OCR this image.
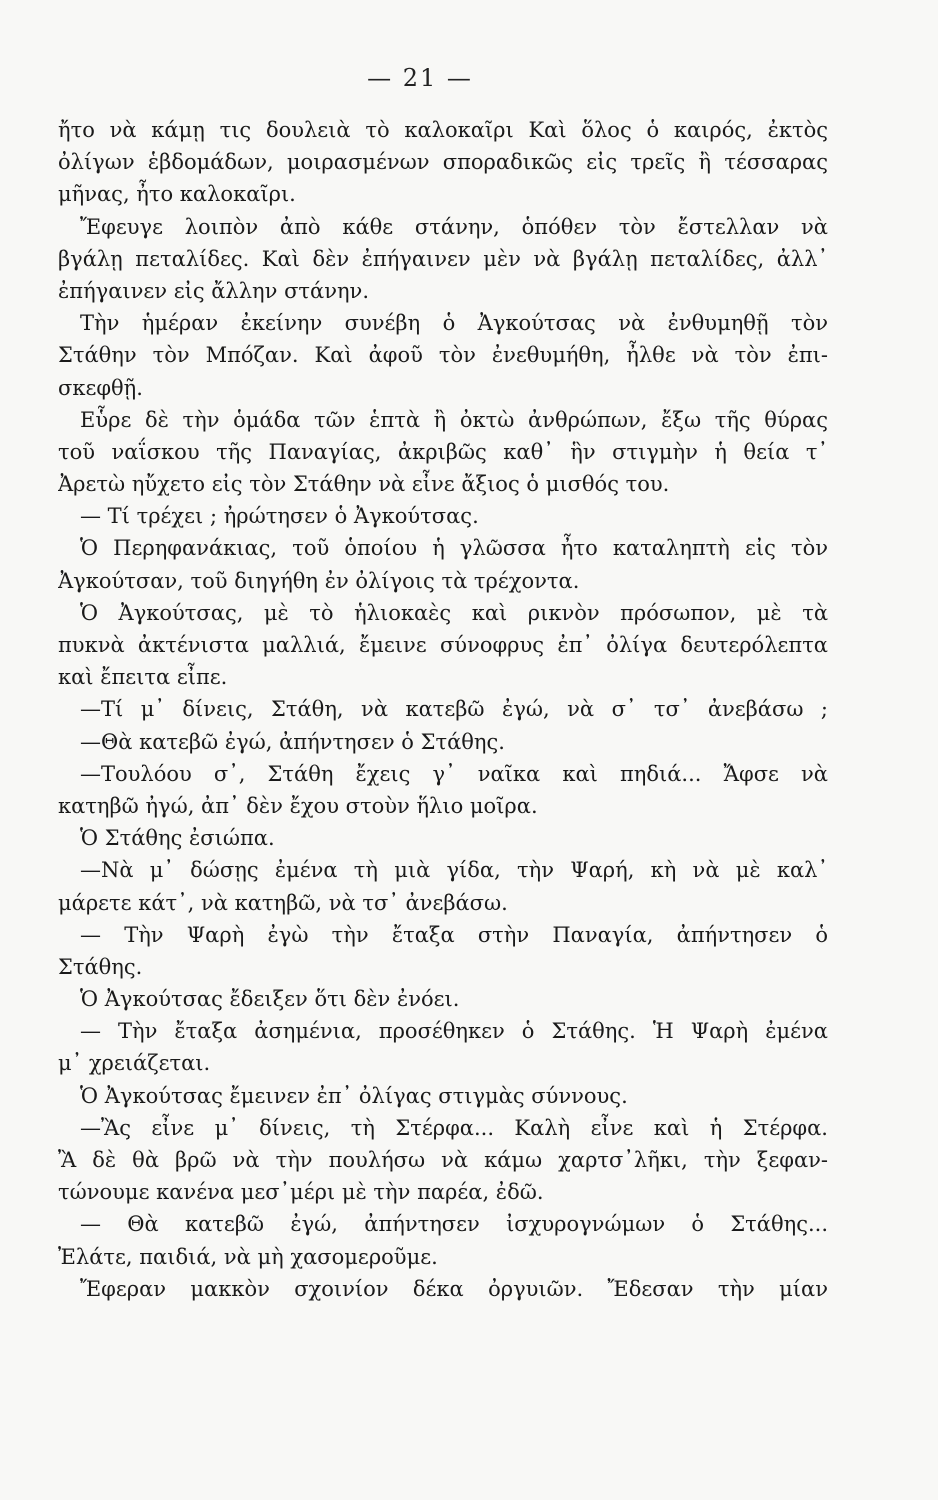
— 21 —
ἤτο νὰ κάμῃ τις δουλειὰ τὸ καλοκαῖρι Καὶ ὅλος ὁ καιρός, ἐκτὸς
ὀλίγων ἑβδομάδων, μοιρασμένων σποραδικῶς εἰς τρεῖς ἢ τέσσαρας
μῆνας, ἦτο καλοκαῖρι.
Ἔφευγε λοιπὸν ἀπὸ κάθε στάνην, ὁπόθεν τὸν ἔστελλαν νὰ
βγάλῃ πεταλίδες. Καὶ δὲν ἐπήγαινεν μὲν νὰ βγάλῃ πεταλίδες, ἀλλ᾽
ἐπήγαινεν εἰς ἄλλην στάνην.
Τὴν ἡμέραν ἐκείνην συνέβη ὁ Ἀγκούτσας νὰ ἐνθυμηθῇ τὸν
Στάθην τὸν Μπόζαν. Καὶ ἀφοῦ τὸν ἐνεθυμήθη, ἦλθε νὰ τὸν ἐπι-
σκεφθῇ.
Εὗρε δὲ τὴν ὁμάδα τῶν ἑπτὰ ἢ ὀκτὼ ἀνθρώπων, ἔξω τῆς θύρας
τοῦ ναΐσκου τῆς Παναγίας, ἀκριβῶς καθ᾽ ἣν στιγμὴν ἡ θεία τ᾽
Ἀρετὼ ηὔχετο εἰς τὸν Στάθην νὰ εἶνε ἄξιος ὁ μισθός του.
— Τί τρέχει ; ἠρώτησεν ὁ Ἀγκούτσας.
Ὁ Περηφανάκιας, τοῦ ὁποίου ἡ γλῶσσα ἦτο καταληπτὴ εἰς τὸν
Ἀγκούτσαν, τοῦ διηγήθη ἐν ὀλίγοις τὰ τρέχοντα.
Ὁ Ἀγκούτσας, μὲ τὸ ἡλιοκαὲς καὶ ρικνὸν πρόσωπον, μὲ τὰ
πυκνὰ ἀκτένιστα μαλλιά, ἔμεινε σύνοφρυς ἐπ᾽ ὀλίγα δευτερόλεπτα
καὶ ἔπειτα εἶπε.
—Τί μ᾽ δίνεις, Στάθη, νὰ κατεβῶ ἐγώ, νὰ σ᾽ τσ᾽ ἀνεβάσω ;
—Θὰ κατεβῶ ἐγώ, ἀπήντησεν ὁ Στάθης.
—Τουλόου σ᾽, Στάθη ἔχεις γ᾽ ναῖκα καὶ πηδιά... Ἄφσε νὰ
κατηβῶ ἠγώ, ἀπ᾽ δὲν ἔχου στοὺν ἥλιο μοῖρα.
Ὁ Στάθης ἐσιώπα.
—Νὰ μ᾽ δώσῃς ἐμένα τὴ μιὰ γίδα, τὴν Ψαρή, κὴ νὰ μὲ καλ᾽
μάρετε κάτ᾽, νὰ κατηβῶ, νὰ τσ᾽ ἀνεβάσω.
— Τὴν Ψαρὴ ἐγὼ τὴν ἔταξα στὴν Παναγία, ἀπήντησεν ὁ
Στάθης.
Ὁ Ἀγκούτσας ἔδειξεν ὅτι δὲν ἐνόει.
— Τὴν ἔταξα ἀσημένια, προσέθηκεν ὁ Στάθης. Ἡ Ψαρὴ ἐμένα
μ᾽ χρειάζεται.
Ὁ Ἀγκούτσας ἔμεινεν ἐπ᾽ ὀλίγας στιγμὰς σύννους.
—Ἂς εἶνε μ᾽ δίνεις, τὴ Στέρφα... Καλὴ εἶνε καὶ ἡ Στέρφα.
Ἂ δὲ θὰ βρῶ νὰ τὴν πουλήσω νὰ κάμω χαρτσ᾽λῆκι, τὴν ξεφαν-
τώνουμε κανένα μεσ᾽μέρι μὲ τὴν παρέα, ἐδῶ.
— Θὰ κατεβῶ ἐγώ, ἀπήντησεν ἰσχυρογνώμων ὁ Στάθης...
Ἐλάτε, παιδιά, νὰ μὴ χασομεροῦμε.
Ἔφεραν μακκὸν σχοινίον δέκα ὀργυιῶν. Ἔδεσαν τὴν μίαν
